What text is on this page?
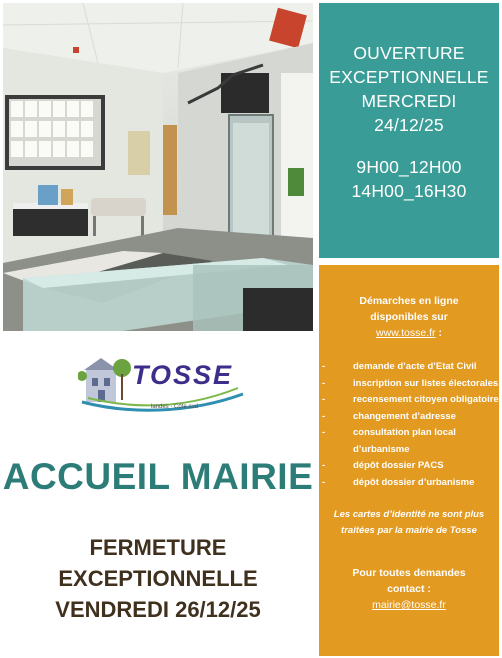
OUVERTURE
EXCEPTIONNELLE
MERCREDI
24/12/25
9H00_12H00
14H00_16H30
Démarches en ligne
disponibles sur
www.tosse.fr :
-	demande d’acte d’Etat Civil
-	inscription sur listes électorales
-	recensement citoyen obligatoire
-	changement d’adresse
-	consultation plan local d’urbanisme
-	dépôt dossier PACS
-	dépôt dossier d’urbanisme
Les cartes d’identité ne sont plus
traitées par la mairie de Tosse
Pour toutes demandes
contact :
mairie@tosse.fr
TOSSE
landes · Côte sud
ACCUEIL MAIRIE
FERMETURE
EXCEPTIONNELLE
VENDREDI 26/12/25
